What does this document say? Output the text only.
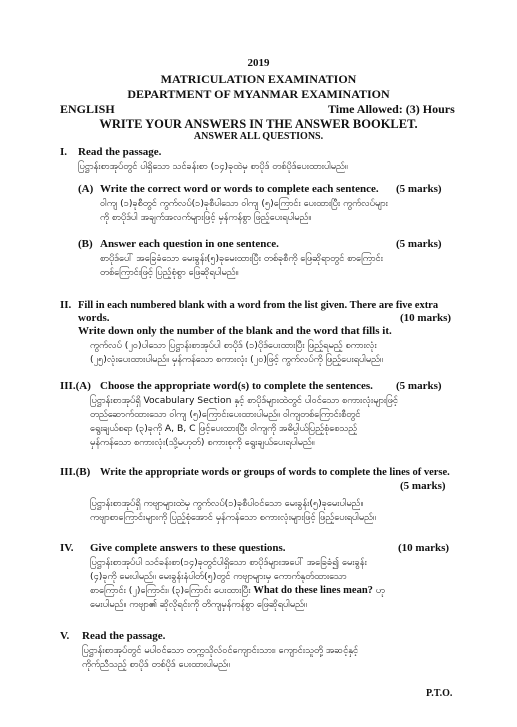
2019
MATRICULATION EXAMINATION
DEPARTMENT OF MYANMAR EXAMINATION
ENGLISH	Time Allowed: (3) Hours
WRITE YOUR ANSWERS IN THE ANSWER BOOKLET.
ANSWER ALL QUESTIONS.
I. Read the passage.
ပြဋ္ဌာန်းစာအုပ်တွင် ပါရှိသော သင်ခန်းစာ (၁၄)ခုထဲမှ စာပိုဒ် တစ်ပိုဒ်ပေးထားပါမည်။
(A) Write the correct word or words to complete each sentence. (5 marks)
ဝါကျ (၁)ခုစီတွင် ကွက်လပ်(၁)ခုစီပါသော ဝါကျ (၅)ကြောင်း ပေးထားပြီး ကွက်လပ်များ
ကို စာပိုဒ်ပါ အချက်အလက်များဖြင့် မှန်ကန်စွာ ဖြည့်ပေးရပါမည်။
(B) Answer each question in one sentence.	(5 marks)
စာပိုဒ်ပေါ် အခြေခံသော မေးခွန်း(၅)ခုမေးထားပြီး တစ်ခုစီကို ဖြေဆိုရာတွင် စာကြောင်း
တစ်ကြောင်းဖြင့် ပြည့်စုံစွာ ဖြေဆိုရပါမည်။
II. Fill in each numbered blank with a word from the list given. There are five extra
words.	(10 marks)
Write down only the number of the blank and the word that fills it.
ကွက်လပ် (၂၀)ပါသော ပြဋ္ဌာန်းစာအုပ်ပါ စာပိုဒ် (၁)ပိုဒ်ပေးထားပြီး ဖြည့်ရမည့် စကားလုံး
(၂၅)လုံးပေးထားပါမည်။ မှန်ကန်သော စကားလုံး (၂၀)ဖြင့် ကွက်လပ်ကို ဖြည့်ပေးရပါမည်။
III.(A) Choose the appropriate word(s) to complete the sentences. (5 marks)
ပြဋ္ဌာန်းစာအုပ်ရှိ Vocabulary Section နှင့် စာပိုဒ်များထဲတွင် ပါဝင်သော စကားလုံးများဖြင့်
တည်ဆောက်ထားသော ဝါကျ (၅)ကြောင်းပေးထားပါမည်။ ဝါကျတစ်ကြောင်းစီတွင်
ရွေးချယ်စရာ (၃)ခုကို A, B, C ဖြင့်ပေးထားပြီး ဝါကျကို အဓိပ္ပါယ်ပြည့်စုံစေသည့်
မှန်ကန်သော စကားလုံး(သို့မဟုတ်) စကားစုကို ရွေးချယ်ပေးရပါမည်။
III.(B) Write the appropriate words or groups of words to complete the lines of verse.
(5 marks)
ပြဋ္ဌာန်းစာအုပ်ရှိ ကဗျာများထဲမှ ကွက်လပ်(၁)ခုစီပါဝင်သော မေးခွန်း(၅)ခုမေးပါမည်။
ကဗျာစာကြောင်းများကို ပြည့်စုံအောင် မှန်ကန်သော စကားလုံးများဖြင့် ဖြည့်ပေးရပါမည်။
IV. Give complete answers to these questions.	(10 marks)
ပြဋ္ဌာန်းစာအုပ်ပါ သင်ခန်းစာ(၁၄)ခုတွင်ပါရှိသော စာပိုဒ်များအပေါ် အခြေခံ၍ မေးခွန်း
(၄)ခုကို မေးပါမည်။ မေးခွန်းနံပါတ်(၅)တွင် ကဗျာများမှ ကောက်နုတ်ထားသော
စာကြောင်း (၂)ကြောင်း၊ (၃)ကြောင်း ပေးထားပြီး What do these lines mean? ဟု
မေးပါမည်။ ကဗျာ၏ ဆိုလိုရင်းကို တိကျမှန်ကန်စွာ ဖြေဆိုရပါမည်။
V. Read the passage.
ပြဋ္ဌာန်းစာအုပ်တွင် မပါဝင်သော တက္ကသိုလ်ဝင်ကျောင်းသား၊ ကျောင်းသူတို့ အဆင့်နှင့်
ကိုက်ညီသည့် စာပိုဒ် တစ်ပိုဒ် ပေးထားပါမည်။
P.T.O.
